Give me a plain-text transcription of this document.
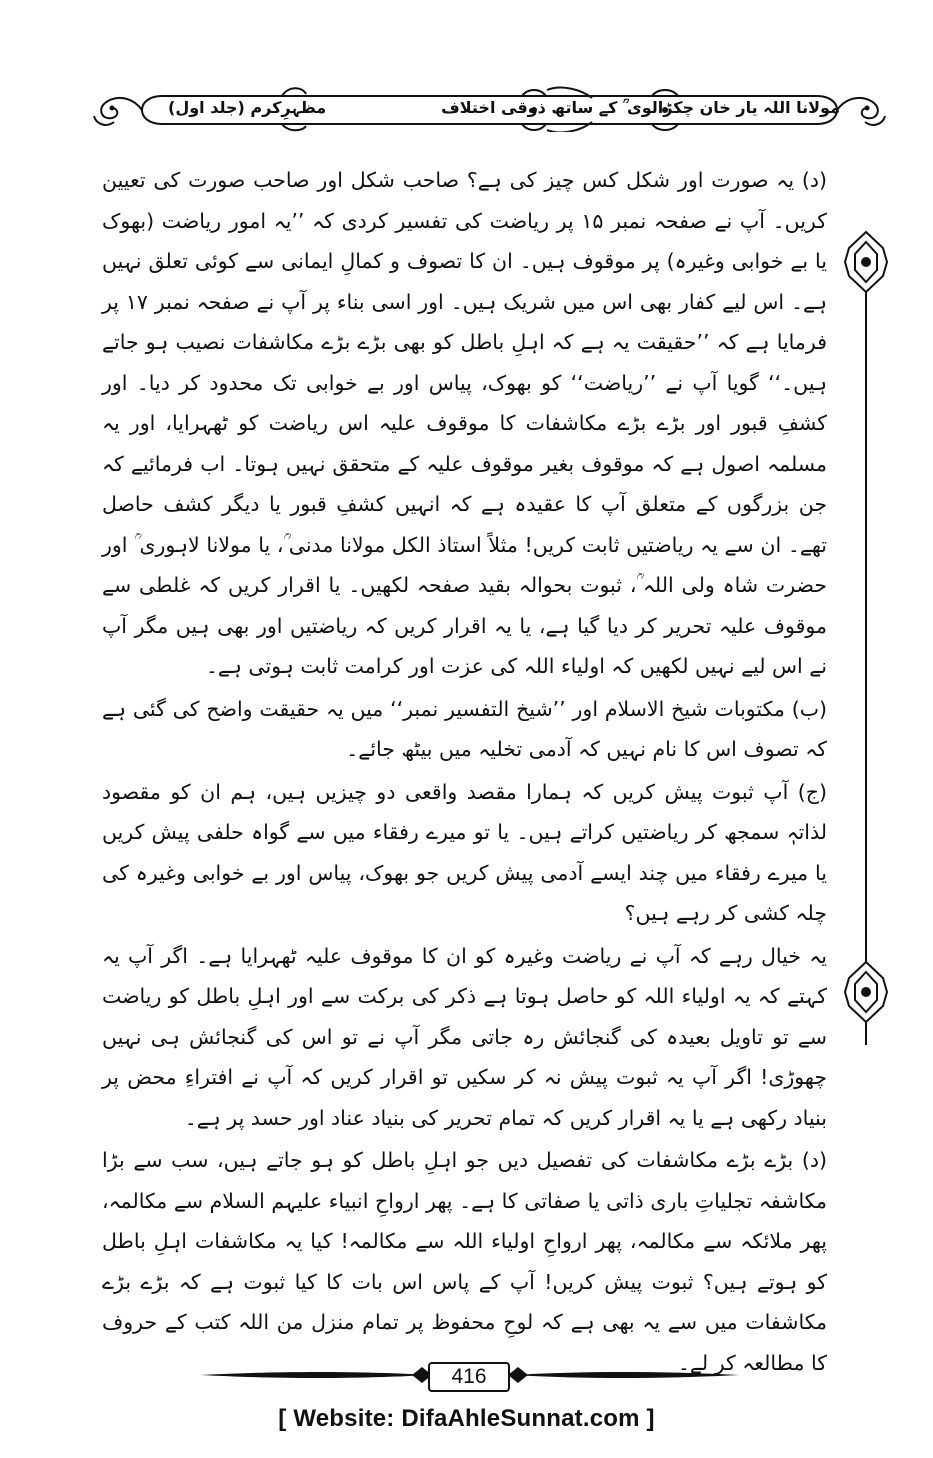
مولانا اللہ یار خان چکڑالوی ؒ کے ساتھ ذوقی اختلاف
مظہرِکرم (جلد اول)

(د) یہ صورت اور شکل کس چیز کی ہے؟ صاحب شکل اور صاحب صورت کی تعیین کریں۔ آپ نے صفحہ نمبر ۱۵ پر ریاضت کی تفسیر کردی کہ ’’یہ امور ریاضت (بھوک یا بے خوابی وغیرہ) پر موقوف ہیں۔ ان کا تصوف و کمالِ ایمانی سے کوئی تعلق نہیں ہے۔ اس لیے کفار بھی اس میں شریک ہیں۔ اور اسی بناء پر آپ نے صفحہ نمبر ۱۷ پر فرمایا ہے کہ ’’حقیقت یہ ہے کہ اہلِ باطل کو بھی بڑے بڑے مکاشفات نصیب ہو جاتے ہیں۔‘‘ گویا آپ نے ’’ریاضت‘‘ کو بھوک، پیاس اور بے خوابی تک محدود کر دیا۔ اور کشفِ قبور اور بڑے بڑے مکاشفات کا موقوف علیہ اس ریاضت کو ٹھہرایا، اور یہ مسلمہ اصول ہے کہ موقوف بغیر موقوف علیہ کے متحقق نہیں ہوتا۔ اب فرمائیے کہ جن بزرگوں کے متعلق آپ کا عقیدہ ہے کہ انہیں کشفِ قبور یا دیگر کشف حاصل تھے۔ ان سے یہ ریاضتیں ثابت کریں! مثلاً استاذ الکل مولانا مدنی ؒ، یا مولانا لاہوری ؒ اور حضرت شاہ ولی اللہ ؒ، ثبوت بحوالہ بقید صفحہ لکھیں۔ یا اقرار کریں کہ غلطی سے موقوف علیہ تحریر کر دیا گیا ہے، یا یہ اقرار کریں کہ ریاضتیں اور بھی ہیں مگر آپ نے اس لیے نہیں لکھیں کہ اولیاء اللہ کی عزت اور کرامت ثابت ہوتی ہے۔

(ب) مکتوبات شیخ الاسلام اور ’’شیخ التفسیر نمبر‘‘ میں یہ حقیقت واضح کی گئی ہے کہ تصوف اس کا نام نہیں کہ آدمی تخلیہ میں بیٹھ جائے۔

(ج) آپ ثبوت پیش کریں کہ ہمارا مقصد واقعی دو چیزیں ہیں، ہم ان کو مقصود لذاتہٖ سمجھ کر ریاضتیں کراتے ہیں۔ یا تو میرے رفقاء میں سے گواہ حلفی پیش کریں یا میرے رفقاء میں چند ایسے آدمی پیش کریں جو بھوک، پیاس اور بے خوابی وغیرہ کی چلہ کشی کر رہے ہیں؟

یہ خیال رہے کہ آپ نے ریاضت وغیرہ کو ان کا موقوف علیہ ٹھہرایا ہے۔ اگر آپ یہ کہتے کہ یہ اولیاء اللہ کو حاصل ہوتا ہے ذکر کی برکت سے اور اہلِ باطل کو ریاضت سے تو تاویل بعیدہ کی گنجائش رہ جاتی مگر آپ نے تو اس کی گنجائش ہی نہیں چھوڑی! اگر آپ یہ ثبوت پیش نہ کر سکیں تو اقرار کریں کہ آپ نے افتراءِ محض پر بنیاد رکھی ہے یا یہ اقرار کریں کہ تمام تحریر کی بنیاد عناد اور حسد پر ہے۔

(د) بڑے بڑے مکاشفات کی تفصیل دیں جو اہلِ باطل کو ہو جاتے ہیں، سب سے بڑا مکاشفہ تجلیاتِ باری ذاتی یا صفاتی کا ہے۔ پھر ارواحِ انبیاء علیہم السلام سے مکالمہ، پھر ملائکہ سے مکالمہ، پھر ارواحِ اولیاء اللہ سے مکالمہ! کیا یہ مکاشفات اہلِ باطل کو ہوتے ہیں؟ ثبوت پیش کریں! آپ کے پاس اس بات کا کیا ثبوت ہے کہ بڑے بڑے مکاشفات میں سے یہ بھی ہے کہ لوحِ محفوظ پر تمام منزل من اللہ کتب کے حروف کا مطالعہ کر لے۔

416
[ Website: DifaAhleSunnat.com ]
